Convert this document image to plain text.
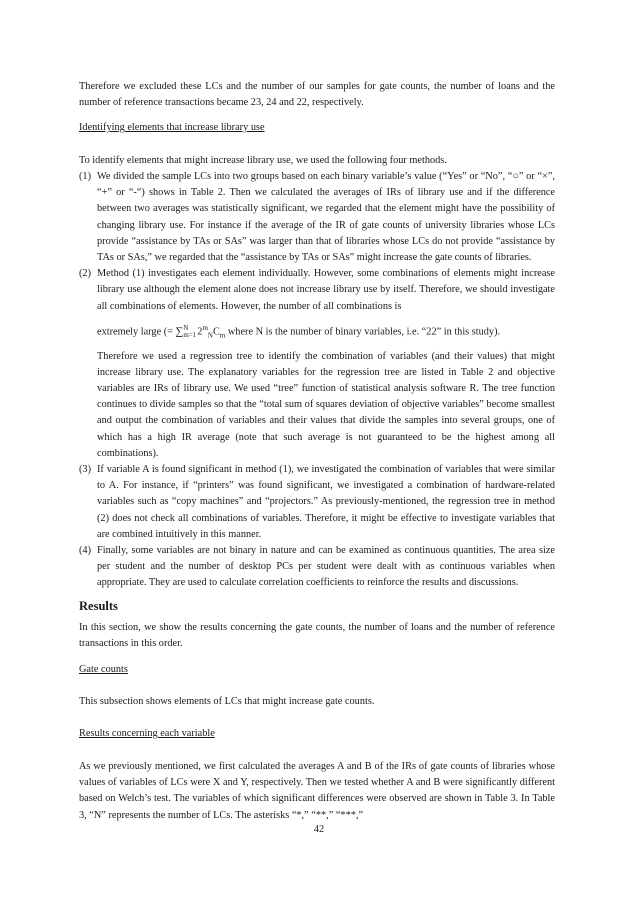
Therefore we excluded these LCs and the number of our samples for gate counts, the number of loans and the number of reference transactions became 23, 24 and 22, respectively.

Identifying elements that increase library use

To identify elements that might increase library use, we used the following four methods.

(1) We divided the sample LCs into two groups based on each binary variable’s value (“Yes” or “No”, “○” or “×”, “+” or “-“) shows in Table 2. Then we calculated the averages of IRs of library use and if the difference between two averages was statistically significant, we regarded that the element might have the possibility of changing library use. For instance if the average of the IR of gate counts of university libraries whose LCs provide “assistance by TAs or SAs” was larger than that of libraries whose LCs do not provide “assistance by TAs or SAs,” we regarded that the “assistance by TAs or SAs” might increase the gate counts of libraries.
(2) Method (1) investigates each element individually. However, some combinations of elements might increase library use although the element alone does not increase library use by itself. Therefore, we should investigate all combinations of elements. However, the number of all combinations is
extremely large (= ∑N
$m=12^m_NC_m$ where N is the number of binary variables, i.e. “22” in this study).
Therefore we used a regression tree to identify the combination of variables (and their values) that might increase library use. The explanatory variables for the regression tree are listed in Table 2 and objective variables are IRs of library use. We used “tree” function of statistical analysis software R. The tree function continues to divide samples so that the “total sum of squares deviation of objective variables” become smallest and output the combination of variables and their values that divide the samples into several groups, one of which has a high IR average (note that such average is not guaranteed to be the highest among all combinations).
(3) If variable A is found significant in method (1), we investigated the combination of variables that were similar to A. For instance, if “printers” was found significant, we investigated a combination of hardware-related variables such as “copy machines” and “projectors.” As previously-mentioned, the regression tree in method (2) does not check all combinations of variables. Therefore, it might be effective to investigate variables that are combined intuitively in this manner.
(4) Finally, some variables are not binary in nature and can be examined as continuous quantities. The area size per student and the number of desktop PCs per student were dealt with as continuous variables when appropriate. They are used to calculate correlation coefficients to reinforce the results and discussions.

Results

In this section, we show the results concerning the gate counts, the number of loans and the number of reference transactions in this order.

Gate counts

This subsection shows elements of LCs that might increase gate counts.

Results concerning each variable

As we previously mentioned, we first calculated the averages A and B of the IRs of gate counts of libraries whose values of variables of LCs were X and Y, respectively. Then we tested whether A and B were significantly different based on Welch’s test. The variables of which significant differences were observed are shown in Table 3. In Table 3, “N” represents the number of LCs. The asterisks “*,” “**,” “***,”

42
